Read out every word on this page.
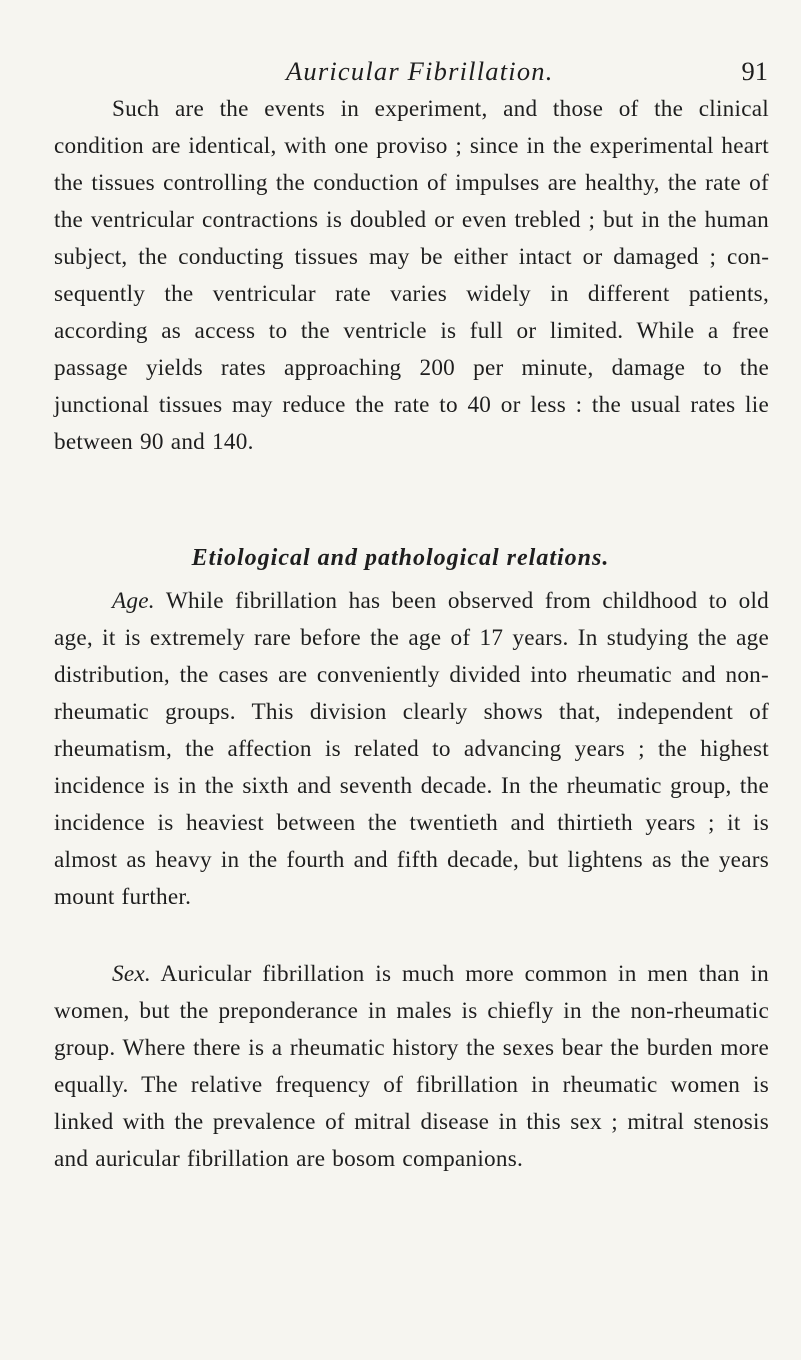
Auricular Fibrillation.	91

Such are the events in experiment, and those of the clinical condition are identical, with one proviso ; since in the experimental heart the tissues controlling the conduction of impulses are healthy, the rate of the ventricular contractions is doubled or even trebled ; but in the human subject, the conducting tissues may be either intact or damaged ; consequently the ventricular rate varies widely in different patients, according as access to the ventricle is full or limited. While a free passage yields rates approaching 200 per minute, damage to the junctional tissues may reduce the rate to 40 or less : the usual rates lie between 90 and 140.

Etiological and pathological relations.

Age. While fibrillation has been observed from childhood to old age, it is extremely rare before the age of 17 years. In studying the age distribution, the cases are conveniently divided into rheumatic and non-rheumatic groups. This division clearly shows that, independent of rheumatism, the affection is related to advancing years ; the highest incidence is in the sixth and seventh decade. In the rheumatic group, the incidence is heaviest between the twentieth and thirtieth years ; it is almost as heavy in the fourth and fifth decade, but lightens as the years mount further.

Sex. Auricular fibrillation is much more common in men than in women, but the preponderance in males is chiefly in the non-rheumatic group. Where there is a rheumatic history the sexes bear the burden more equally. The relative frequency of fibrillation in rheumatic women is linked with the prevalence of mitral disease in this sex ; mitral stenosis and auricular fibrillation are bosom companions.
